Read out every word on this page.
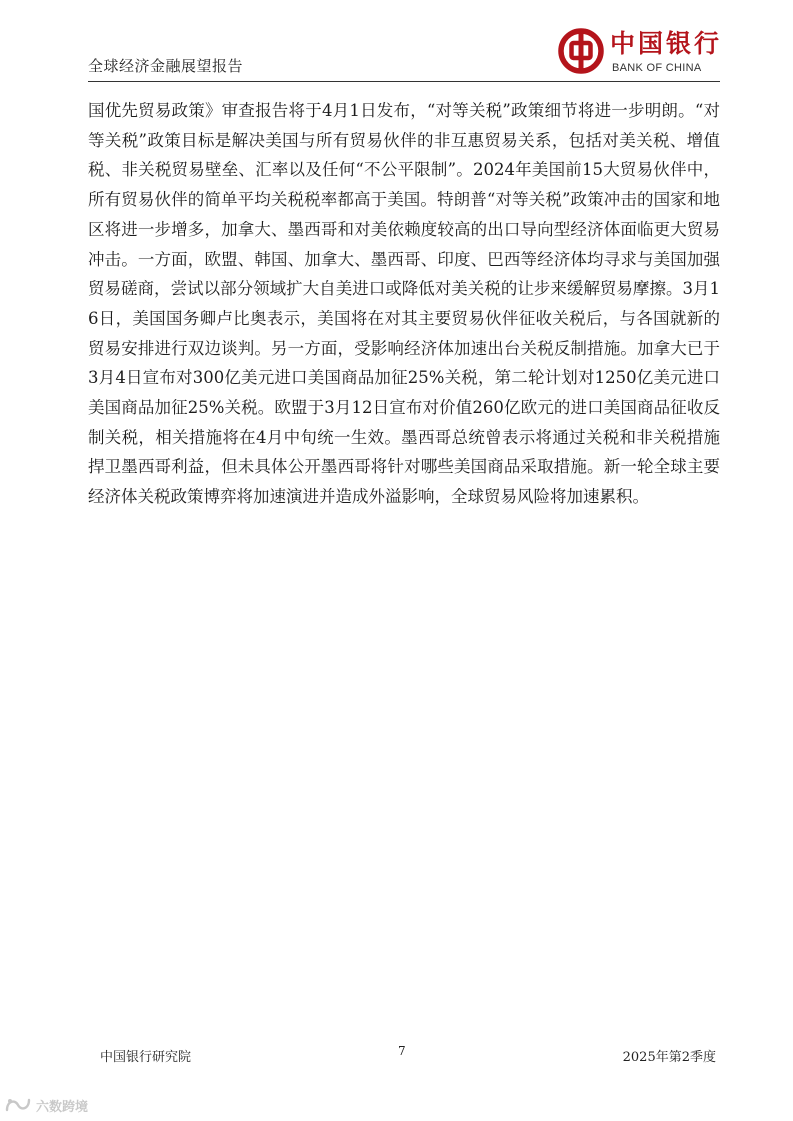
全球经济金融展望报告
中国银行
BANK OF CHINA

国优先贸易政策》审查报告将于4月1日发布，“对等关税”政策细节将进一步明朗。“对等关税”政策目标是解决美国与所有贸易伙伴的非互惠贸易关系，包括对美关税、增值税、非关税贸易壁垒、汇率以及任何“不公平限制”。2024年美国前15大贸易伙伴中，所有贸易伙伴的简单平均关税税率都高于美国。特朗普“对等关税”政策冲击的国家和地区将进一步增多，加拿大、墨西哥和对美依赖度较高的出口导向型经济体面临更大贸易冲击。一方面，欧盟、韩国、加拿大、墨西哥、印度、巴西等经济体均寻求与美国加强贸易磋商，尝试以部分领域扩大自美进口或降低对美关税的让步来缓解贸易摩擦。3月16日，美国国务卿卢比奥表示，美国将在对其主要贸易伙伴征收关税后，与各国就新的贸易安排进行双边谈判。另一方面，受影响经济体加速出台关税反制措施。加拿大已于3月4日宣布对300亿美元进口美国商品加征25%关税，第二轮计划对1250亿美元进口美国商品加征25%关税。欧盟于3月12日宣布对价值260亿欧元的进口美国商品征收反制关税，相关措施将在4月中旬统一生效。墨西哥总统曾表示将通过关税和非关税措施捍卫墨西哥利益，但未具体公开墨西哥将针对哪些美国商品采取措施。新一轮全球主要经济体关税政策博弈将加速演进并造成外溢影响，全球贸易风险将加速累积。

中国银行研究院	7	2025年第2季度
六数跨境
